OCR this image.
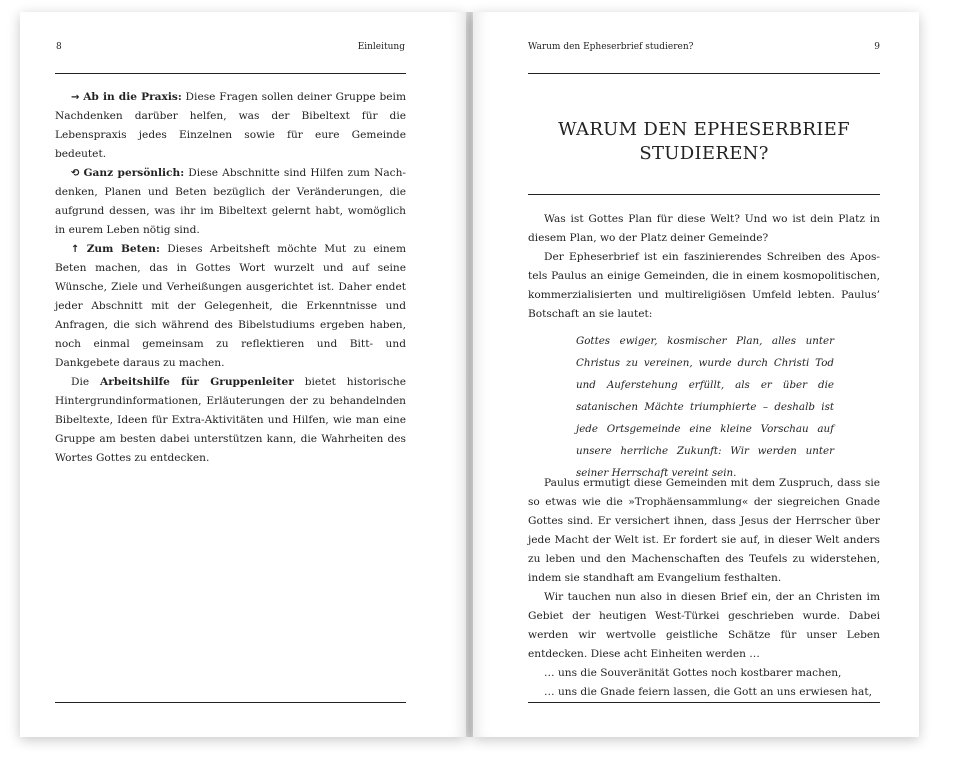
8	Einleitung

→ Ab in die Praxis: Diese Fragen sollen deiner Gruppe beim Nachdenken darüber helfen, was der Bibeltext für die Lebenspraxis jedes Einzelnen sowie für eure Gemeinde bedeutet.

⟲ Ganz persönlich: Diese Abschnitte sind Hilfen zum Nachdenken, Planen und Beten bezüglich der Veränderungen, die aufgrund dessen, was ihr im Bibeltext gelernt habt, womöglich in eurem Leben nötig sind.

↑ Zum Beten: Dieses Arbeitsheft möchte Mut zu einem Beten machen, das in Gottes Wort wurzelt und auf seine Wünsche, Ziele und Verheißungen ausgerichtet ist. Daher endet jeder Abschnitt mit der Gelegenheit, die Erkenntnisse und Anfragen, die sich während des Bibelstudiums ergeben haben, noch einmal gemeinsam zu reflektieren und Bitt- und Dankgebete daraus zu machen.

Die Arbeitshilfe für Gruppenleiter bietet historische Hintergrundinformationen, Erläuterungen der zu behandelnden Bibeltexte, Ideen für Extra-Aktivitäten und Hilfen, wie man eine Gruppe am besten dabei unterstützen kann, die Wahrheiten des Wortes Gottes zu entdecken.

Warum den Epheserbrief studieren?	9
WARUM DEN EPHESERBRIEF STUDIEREN?

Was ist Gottes Plan für diese Welt? Und wo ist dein Platz in diesem Plan, wo der Platz deiner Gemeinde?

Der Epheserbrief ist ein faszinierendes Schreiben des Apostels Paulus an einige Gemeinden, die in einem kosmopolitischen, kommerzialisierten und multireligiösen Umfeld lebten. Paulus’ Botschaft an sie lautet:

Gottes ewiger, kosmischer Plan, alles unter Christus zu vereinen, wurde durch Christi Tod und Auferstehung erfüllt, als er über die satanischen Mächte triumphierte – deshalb ist jede Ortsgemeinde eine kleine Vorschau auf unsere herrliche Zukunft: Wir werden unter seiner Herrschaft vereint sein.

Paulus ermutigt diese Gemeinden mit dem Zuspruch, dass sie so etwas wie die »Trophäensammlung« der siegreichen Gnade Gottes sind. Er versichert ihnen, dass Jesus der Herrscher über jede Macht der Welt ist. Er fordert sie auf, in dieser Welt anders zu leben und den Machenschaften des Teufels zu widerstehen, indem sie standhaft am Evangelium festhalten.

Wir tauchen nun also in diesen Brief ein, der an Christen im Gebiet der heutigen West-Türkei geschrieben wurde. Dabei werden wir wertvolle geistliche Schätze für unser Leben entdecken. Diese acht Einheiten werden …

… uns die Souveränität Gottes noch kostbarer machen,

… uns die Gnade feiern lassen, die Gott an uns erwiesen hat,
